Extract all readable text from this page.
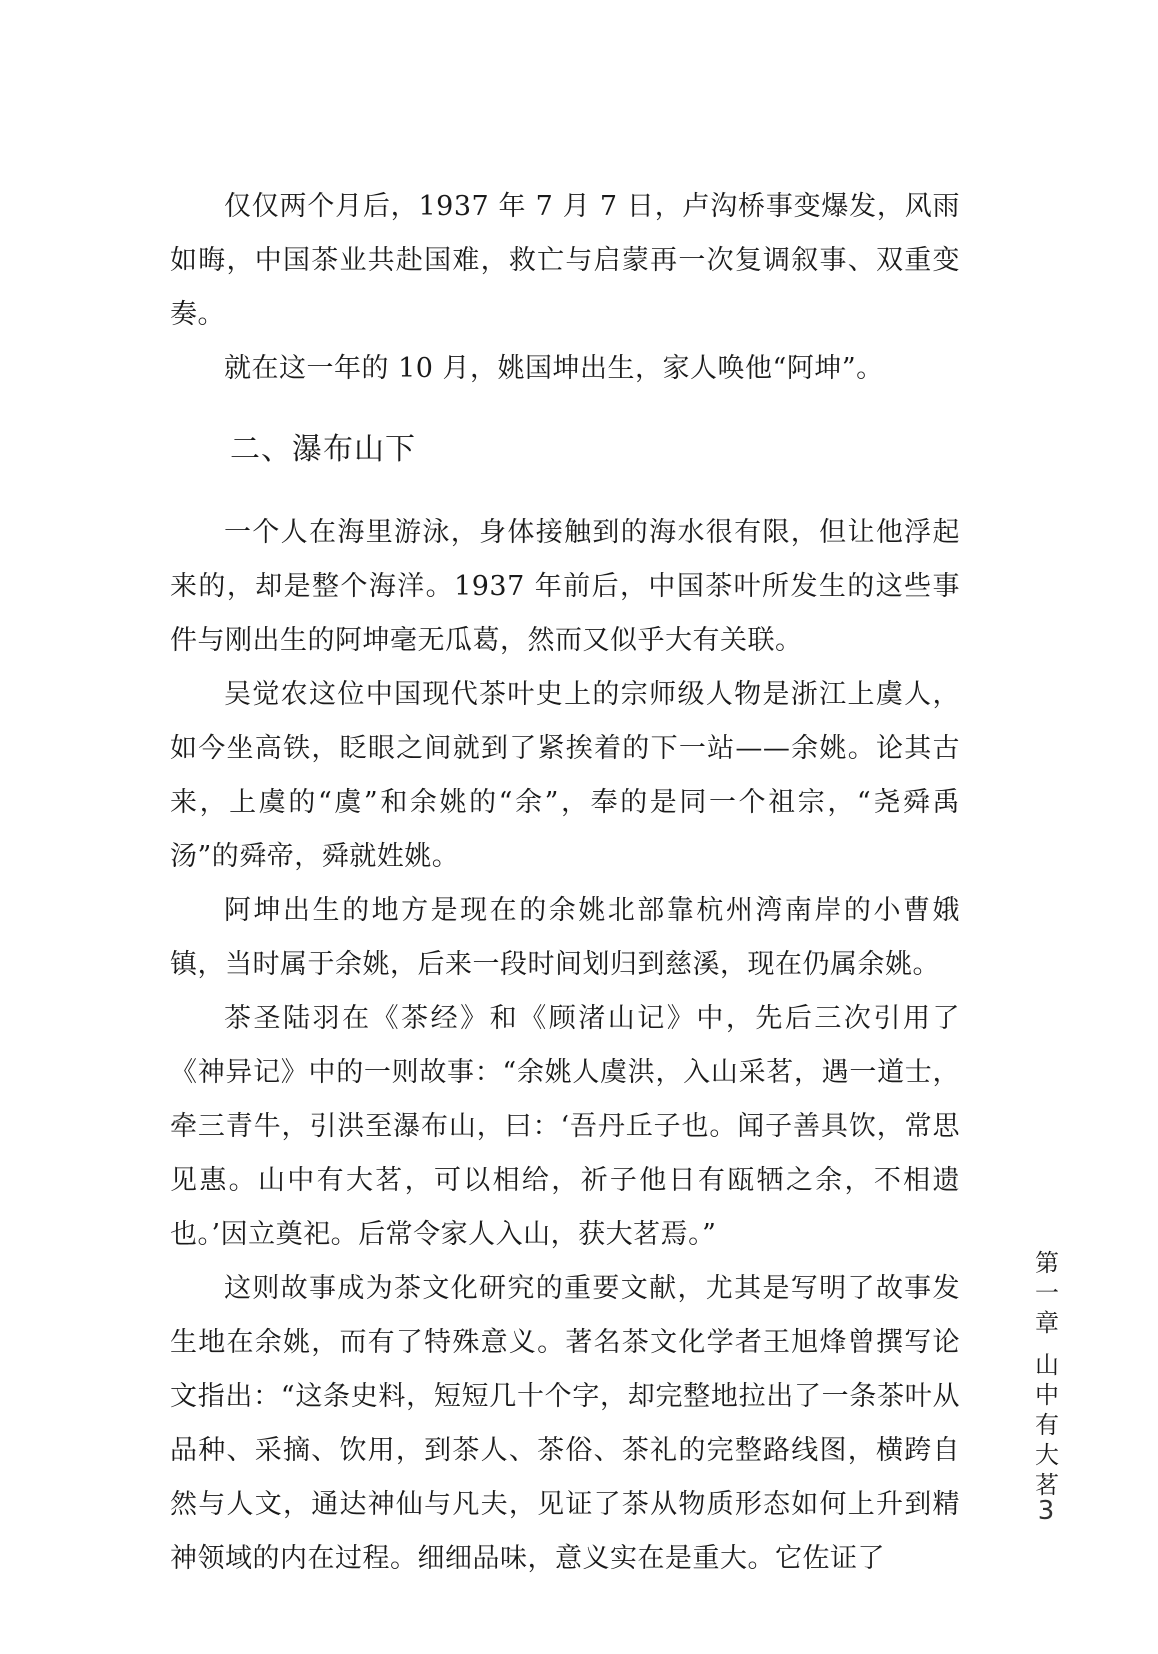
仅仅两个月后，1937 年 7 月 7 日，卢沟桥事变爆发，风雨如晦，中国茶业共赴国难，救亡与启蒙再一次复调叙事、双重变奏。

就在这一年的 10 月，姚国坤出生，家人唤他“阿坤”。

二、瀑布山下

一个人在海里游泳，身体接触到的海水很有限，但让他浮起来的，却是整个海洋。1937 年前后，中国茶叶所发生的这些事件与刚出生的阿坤毫无瓜葛，然而又似乎大有关联。

吴觉农这位中国现代茶叶史上的宗师级人物是浙江上虞人，如今坐高铁，眨眼之间就到了紧挨着的下一站——余姚。论其古来，上虞的“虞”和余姚的“余”，奉的是同一个祖宗，“尧舜禹汤”的舜帝，舜就姓姚。

阿坤出生的地方是现在的余姚北部靠杭州湾南岸的小曹娥镇，当时属于余姚，后来一段时间划归到慈溪，现在仍属余姚。

茶圣陆羽在《茶经》和《顾渚山记》中，先后三次引用了《神异记》中的一则故事：“余姚人虞洪，入山采茗，遇一道士，牵三青牛，引洪至瀑布山，曰：‘吾丹丘子也。闻子善具饮，常思见惠。山中有大茗，可以相给，祈子他日有瓯牺之余，不相遗也。’因立奠祀。后常令家人入山，获大茗焉。”

这则故事成为茶文化研究的重要文献，尤其是写明了故事发生地在余姚，而有了特殊意义。著名茶文化学者王旭烽曾撰写论文指出：“这条史料，短短几十个字，却完整地拉出了一条茶叶从品种、采摘、饮用，到茶人、茶俗、茶礼的完整路线图，横跨自然与人文，通达神仙与凡夫，见证了茶从物质形态如何上升到精神领域的内在过程。细细品味，意义实在是重大。它佐证了

第一章
山中有大茗
3
